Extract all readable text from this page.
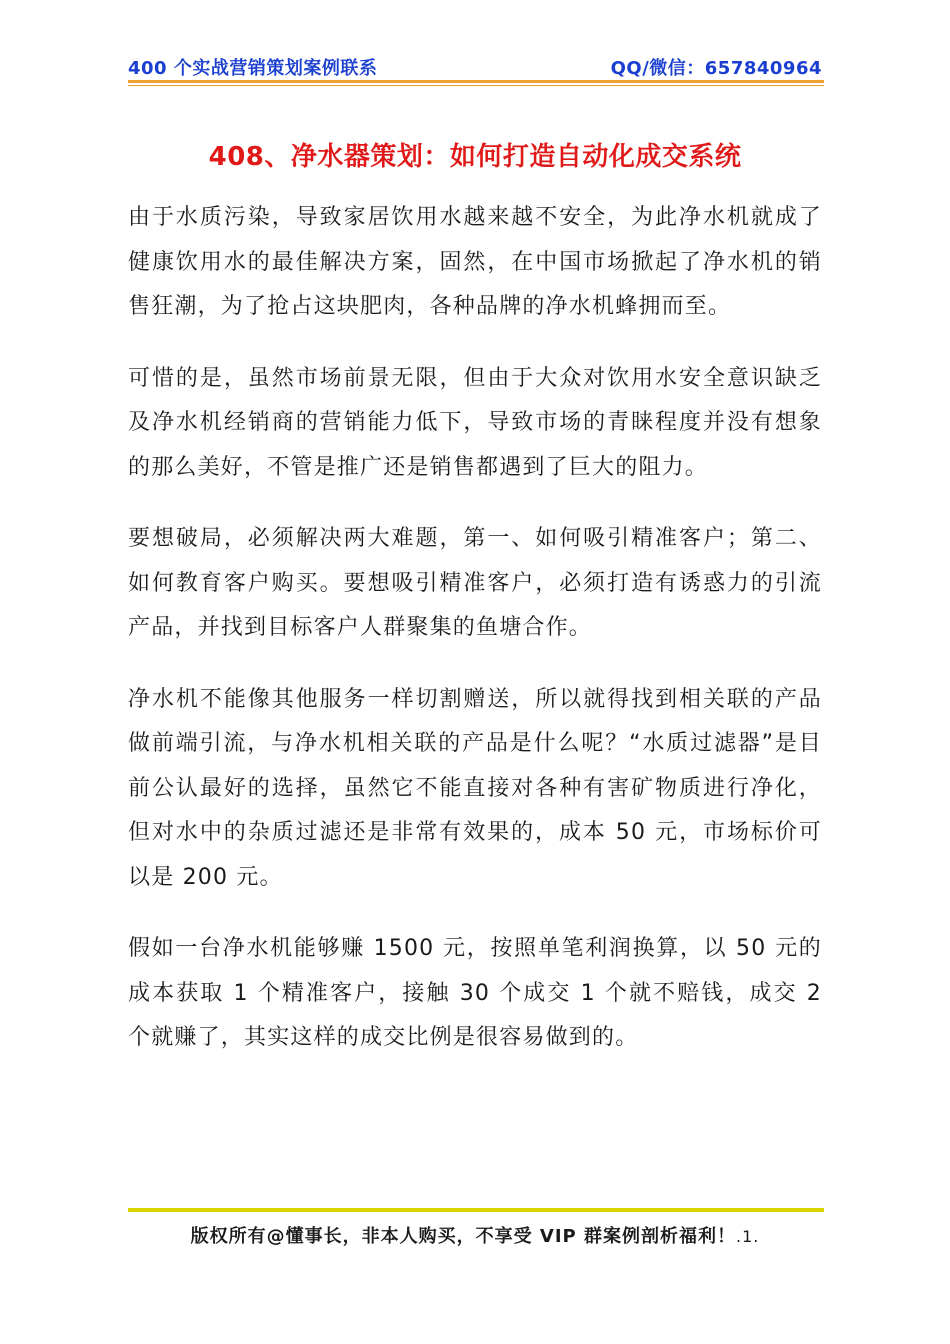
400 个实战营销策划案例联系	QQ/微信：657840964
408、净水器策划：如何打造自动化成交系统

由于水质污染，导致家居饮用水越来越不安全，为此净水机就成了健康饮用水的最佳解决方案，固然，在中国市场掀起了净水机的销售狂潮，为了抢占这块肥肉，各种品牌的净水机蜂拥而至。

可惜的是，虽然市场前景无限，但由于大众对饮用水安全意识缺乏及净水机经销商的营销能力低下，导致市场的青睐程度并没有想象的那么美好，不管是推广还是销售都遇到了巨大的阻力。

要想破局，必须解决两大难题，第一、如何吸引精准客户；第二、如何教育客户购买。要想吸引精准客户，必须打造有诱惑力的引流产品，并找到目标客户人群聚集的鱼塘合作。

净水机不能像其他服务一样切割赠送，所以就得找到相关联的产品做前端引流，与净水机相关联的产品是什么呢？“水质过滤器”是目前公认最好的选择，虽然它不能直接对各种有害矿物质进行净化，但对水中的杂质过滤还是非常有效果的，成本 50 元，市场标价可以是 200 元。

假如一台净水机能够赚 1500 元，按照单笔利润换算，以 50 元的成本获取 1 个精准客户，接触 30 个成交 1 个就不赔钱，成交 2 个就赚了，其实这样的成交比例是很容易做到的。

版权所有@懂事长，非本人购买，不享受 VIP 群案例剖析福利！.1.
